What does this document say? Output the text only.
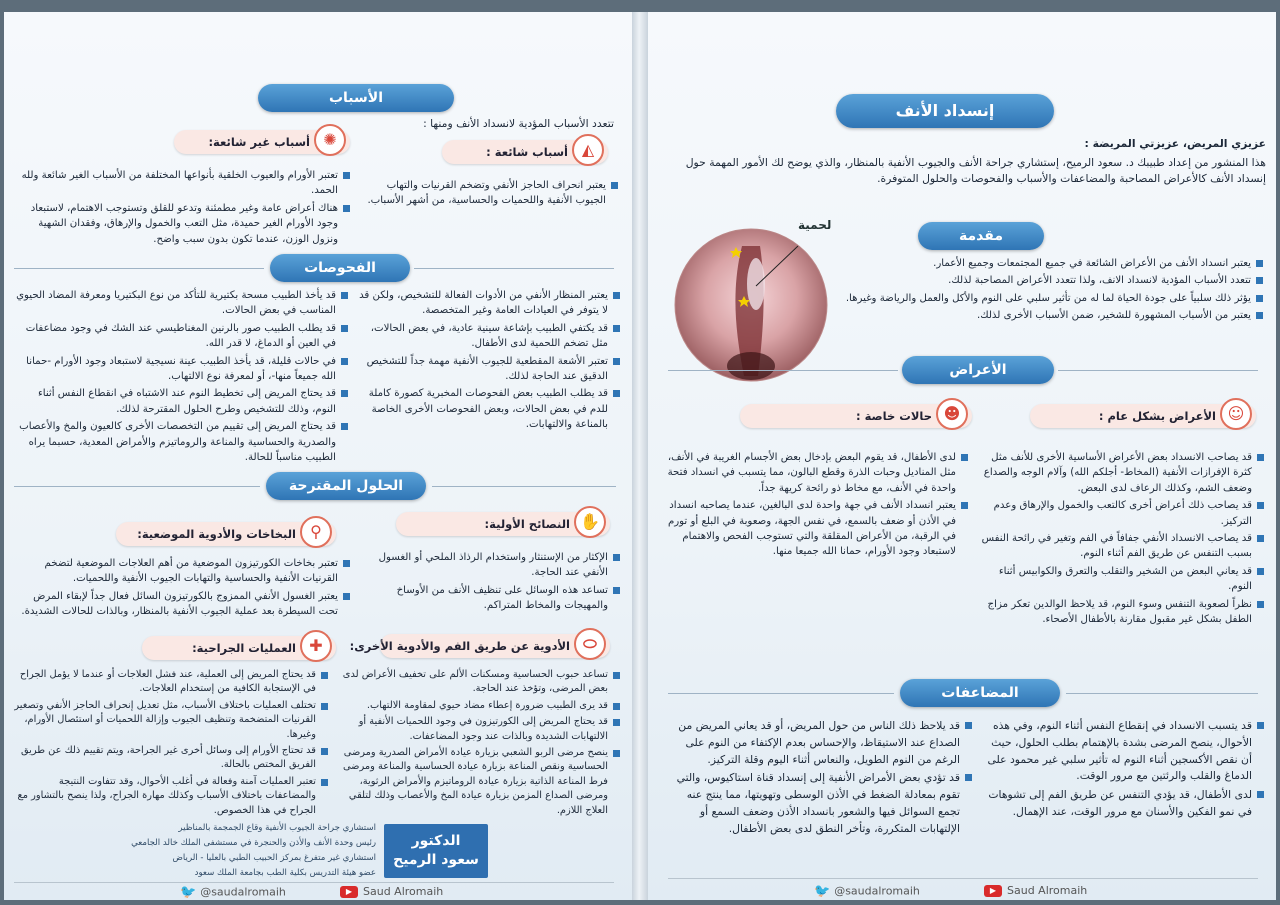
إنسداد الأنف

عزيزي المريض، عزيزتي المريضة :

هذا المنشور من إعداد طبيبك د. سعود الرميح، إستشاري جراحة الأنف والجيوب الأنفية بالمنظار، والذي يوضح لك الأمور المهمة حول إنسداد الأنف كالأعراض المصاحبة والمضاعفات والأسباب والفحوصات والحلول المتوفرة.

لحمية
مقدمة
يعتبر انسداد الأنف من الأعراض الشائعة في جميع المجتمعات وجميع الأعمار.
تتعدد الأسباب المؤدية لانسداد الانف، ولذا تتعدد الأعراض المصاحبة لذلك.
يؤثر ذلك سلبياً على جودة الحياة لما له من تأثير سلبي على النوم والأكل والعمل والرياضة وغيرها.
يعتبر من الأسباب المشهورة للشخير، ضمن الأسباب الأخرى لذلك.
الأعراض
☺
الأعراض بشكل عام :
قد يصاحب الانسداد بعض الأعراض الأساسية الأخرى للأنف مثل كثرة الإفرازات الأنفية (المخاط- أجلكم الله) وآلام الوجه والصداع وضعف الشم، وكذلك الرعاف لدى البعض.
قد يصاحب ذلك أعراض أخرى كالتعب والخمول والإرهاق وعدم التركيز.
قد يصاحب الانسداد الأنفي جفافاً في الفم وتغير في رائحة النفس بسبب التنفس عن طريق الفم أثناء النوم.
قد يعاني البعض من الشخير والتقلب والتعرق والكوابيس أثناء النوم.
نظراً لصعوبة التنفس وسوء النوم، قد يلاحظ الوالدين تعكر مزاج الطفل بشكل غير مقبول مقارنة بالأطفال الأصحاء.
☻
حالات خاصة :
لدى الأطفال، قد يقوم البعض بإدخال بعض الأجسام الغريبة في الأنف، مثل المناديل وحبات الذرة وقطع البالون، مما يتسبب في انسداد فتحة واحدة في الأنف، مع مخاط ذو رائحة كريهة جداً.
يعتبر انسداد الأنف في جهة واحدة لدى البالغين، عندما يصاحبه انسداد في الأذن أو ضعف بالسمع، في نفس الجهة، وصعوبة في البلع أو تورم في الرقبة، من الأعراض المقلقة والتي تستوجب الفحص والاهتمام لاستبعاد وجود الأورام، حمانا الله جميعا منها.
المضاعفات
قد يتسبب الانسداد في إنقطاع النفس أثناء النوم، وفي هذه الأحوال، ينصح المرضى بشدة بالإهتمام بطلب الحلول، حيث أن نقص الأكسجين أثناء النوم له تأثير سلبي غير محمود على الدماغ والقلب والرئتين مع مرور الوقت.
لدى الأطفال، قد يؤدي التنفس عن طريق الفم إلى تشوهات في نمو الفكين والأسنان مع مرور الوقت، عند الإهمال.
قد يلاحظ ذلك الناس من حول المريض، أو قد يعاني المريض من الصداع عند الاستيقاظ، والإحساس بعدم الإكتفاء من النوم على الرغم من النوم الطويل، والنعاس أثناء اليوم وقلة التركيز.
قد تؤدي بعض الأمراض الأنفية إلى إنسداد قناة استاكيوس، والتي تقوم بمعادلة الضغط في الأذن الوسطى وتهويتها، مما ينتج عنه تجمع السوائل فيها والشعور بانسداد الأذن وضعف السمع أو الإلتهابات المتكررة، وتأخر النطق لدى بعض الأطفال.
🐦 @saudalromaih	▶ Saud Alromaih
الأسباب

تتعدد الأسباب المؤدية لانسداد الأنف ومنها :

◭
أسباب شائعة :
يعتبر انحراف الحاجز الأنفي وتضخم القرنيات والتهاب الجيوب الأنفية واللحميات والحساسية، من أشهر الأسباب.
✺
أسباب غير شائعة:
تعتبر الأورام والعيوب الخلقية بأنواعها المختلفة من الأسباب الغير شائعة ولله الحمد.
هناك أعراض عامة وغير مطمئنة وتدعو للقلق وتستوجب الاهتمام، لاستبعاد وجود الأورام الغير حميدة، مثل التعب والخمول والإرهاق، وفقدان الشهية ونزول الوزن، عندما تكون بدون سبب واضح.
الفحوصات
يعتبر المنظار الأنفي من الأدوات الفعالة للتشخيص، ولكن قد لا يتوفر في العيادات العامة وغير المتخصصة.
قد يكتفي الطبيب بإشاعة سينية عادية، في بعض الحالات، مثل تضخم اللحمية لدى الأطفال.
تعتبر الأشعة المقطعية للجيوب الأنفية مهمة جداً للتشخيص الدقيق عند الحاجة لذلك.
قد يطلب الطبيب بعض الفحوصات المخبرية كصورة كاملة للدم في بعض الحالات، وبعض الفحوصات الأخرى الخاصة بالمناعة والالتهابات.
قد يأخذ الطبيب مسحة بكتيرية للتأكد من نوع البكتيريا ومعرفة المضاد الحيوي المناسب في بعض الحالات.
قد يطلب الطبيب صور بالرنين المغناطيسي عند الشك في وجود مضاعفات في العين أو الدماغ، لا قدر الله.
في حالات قليلة، قد يأخذ الطبيب عينة نسيجية لاستبعاد وجود الأورام -حمانا الله جميعاً منها-، أو لمعرفة نوع الالتهاب.
قد يحتاج المريض إلى تخطيط النوم عند الاشتباه في انقطاع النفس أثناء النوم، وذلك للتشخيص وطرح الحلول المقترحة لذلك.
قد يحتاج المريض إلى تقييم من التخصصات الأخرى كالعيون والمخ والأعصاب والصدرية والحساسية والمناعة والروماتيزم والأمراض المعدية، حسبما يراه الطبيب مناسباً للحالة.
الحلول المقترحة
✋
النصائح الأولية:
الإكثار من الإستنثار واستخدام الرذاذ الملحي أو الغسول الأنفي عند الحاجة.
تساعد هذه الوسائل على تنظيف الأنف من الأوساخ والمهيجات والمخاط المتراكم.
⚲
البخاخات والأدوية الموضعية:
تعتبر بخاخات الكورتيزون الموضعية من أهم العلاجات الموضعية لتضخم القرنيات الأنفية والحساسية والتهابات الجيوب الأنفية واللحميات.
يعتبر الغسول الأنفي الممزوج بالكورتيزون السائل فعال جداً لإبقاء المرض تحت السيطرة بعد عملية الجيوب الأنفية بالمنظار، وبالذات للحالات الشديدة.
⬭
الأدوية عن طريق الفم والأدوية الأخرى:
تساعد حبوب الحساسية ومسكنات الألم على تخفيف الأعراض لدى بعض المرضى، وتؤخذ عند الحاجة.
قد يرى الطبيب ضرورة إعطاء مضاد حيوي لمقاومة الالتهاب.
قد يحتاج المريض إلى الكورتيزون في وجود اللحميات الأنفية أو الالتهابات الشديدة وبالذات عند وجود المضاعفات.
ينصح مرضى الربو الشعبي بزيارة عيادة الأمراض الصدرية ومرضى الحساسية ونقص المناعة بزيارة عيادة الحساسية والمناعة ومرضى فرط المناعة الذاتية بزيارة عيادة الروماتيزم والأمراض الرثوية، ومرضى الصداع المزمن بزيارة عيادة المخ والأعصاب وذلك لتلقي العلاج اللازم.
✚
العمليات الجراحية:
قد يحتاج المريض إلى العملية، عند فشل العلاجات أو عندما لا يؤمل الجراح في الإستجابة الكافية من إستخدام العلاجات.
تختلف العمليات باختلاف الأسباب، مثل تعديل إنحراف الحاجز الأنفي وتصغير القرنيات المتضخمة وتنظيف الجيوب وإزالة اللحميات أو استئصال الأورام، وغيرها.
قد تحتاج الأورام إلى وسائل أخرى غير الجراحة، ويتم تقييم ذلك عن طريق الفريق المختص بالحالة.
تعتبر العمليات آمنة وفعالة في أغلب الأحوال، وقد تتفاوت النتيجة والمضاعفات باختلاف الأسباب وكذلك مهارة الجراح، ولذا ينصح بالتشاور مع الجراح في هذا الخصوص.
الدكتور
سعود الرميح

استشاري جراحة الجيوب الأنفية وقاع الجمجمة بالمناظير

رئيس وحدة الأنف والأذن والحنجرة في مستشفى الملك خالد الجامعي

استشاري غير متفرغ بمركز الحبيب الطبي بالعليا - الرياض

عضو هيئة التدريس بكلية الطب بجامعة الملك سعود

🐦 @saudalromaih	▶ Saud Alromaih
